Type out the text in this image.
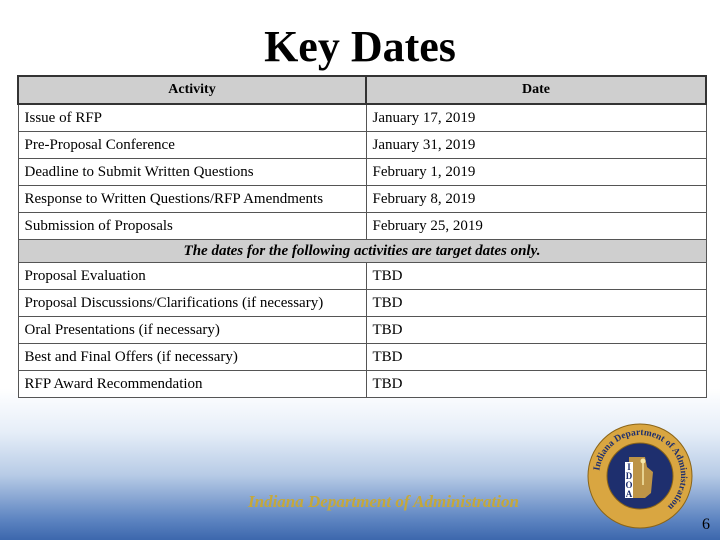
Key Dates
Activity	Date
Issue of RFP	January 17, 2019
Pre-Proposal Conference	January 31, 2019
Deadline to Submit Written Questions	February 1, 2019
Response to Written Questions/RFP Amendments	February 8, 2019
Submission of Proposals	February 25, 2019
The dates for the following activities are target dates only.	
Proposal Evaluation	TBD
Proposal Discussions/Clarifications (if necessary)	TBD
Oral Presentations (if necessary)	TBD
Best and Final Offers (if necessary)	TBD
RFP Award Recommendation	TBD
Indiana Department of Administration
Indiana Department of Administration
I D O A
6
